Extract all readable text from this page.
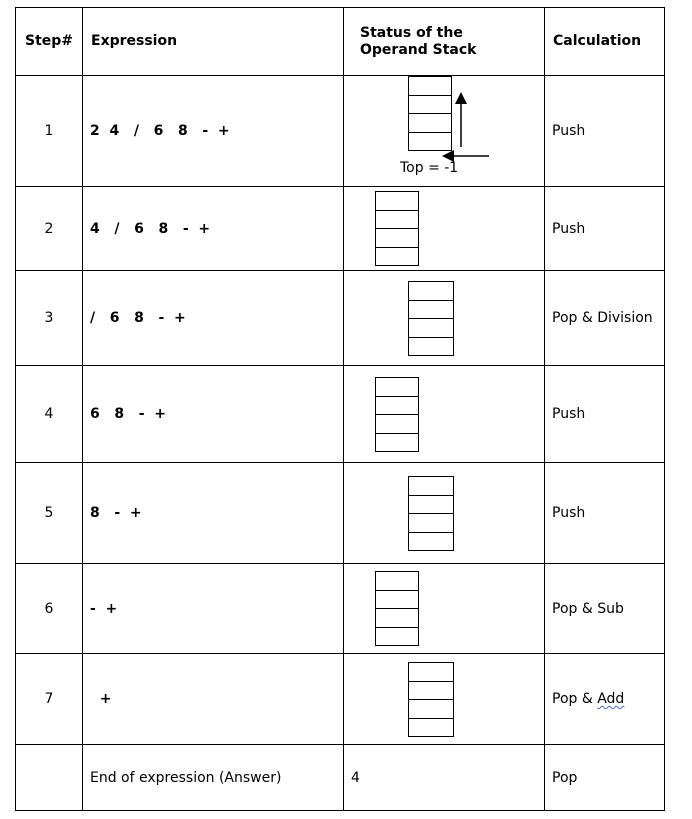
Step#	Expression	Status of the
Operand Stack	Calculation
1	2  4   /   6   8   -  +	Top = -1	Push
2	4   /   6   8   -  +		Push
3	/   6   8   -  +		Pop & Division
4	6   8   -  +		Push
5	8   -  +		Push
6	-  +		Pop & Sub
7	+		Pop & Add
	End of expression (Answer)	4	Pop
